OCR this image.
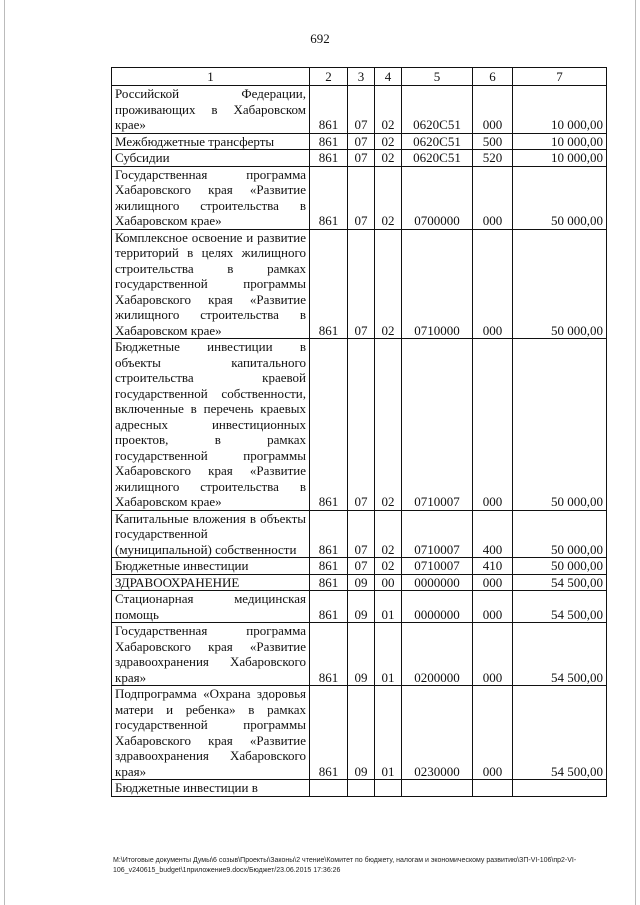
692
1	2	3	4	5	6	7
Российской Федерации, проживающих в Хабаровском крае»	861	07	02	0620С51	000	10 000,00
Межбюджетные трансферты	861	07	02	0620С51	500	10 000,00
Субсидии	861	07	02	0620С51	520	10 000,00
Государственная программа Хабаровского края «Развитие жилищного строительства в Хабаровском крае»	861	07	02	0700000	000	50 000,00
Комплексное освоение и развитие территорий в целях жилищного строительства в рамках государственной программы Хабаровского края «Развитие жилищного строительства в Хабаровском крае»	861	07	02	0710000	000	50 000,00
Бюджетные инвестиции в объекты капитального строительства краевой государственной собственности, включенные в перечень краевых адресных инвестиционных проектов, в рамках государственной программы Хабаровского края «Развитие жилищного строительства в Хабаровском крае»	861	07	02	0710007	000	50 000,00
Капитальные вложения в объекты государственной (муниципальной) собственности	861	07	02	0710007	400	50 000,00
Бюджетные инвестиции	861	07	02	0710007	410	50 000,00
ЗДРАВООХРАНЕНИЕ	861	09	00	0000000	000	54 500,00
Стационарная медицинская помощь	861	09	01	0000000	000	54 500,00
Государственная программа Хабаровского края «Развитие здравоохранения Хабаровского края»	861	09	01	0200000	000	54 500,00
Подпрограмма «Охрана здоровья матери и ребенка» в рамках государственной программы Хабаровского края «Развитие здравоохранения Хабаровского края»	861	09	01	0230000	000	54 500,00
Бюджетные инвестиции в						
M:\Итоговые документы Думы\6 созыв\Проекты\Законы\2 чтение\Комитет по бюджету, налогам и экономическому развитию\ЗП-VI-106\пр2-VI-
106_v240615_budget\1приложение9.docx/Бюджет/23.06.2015 17:36:26
